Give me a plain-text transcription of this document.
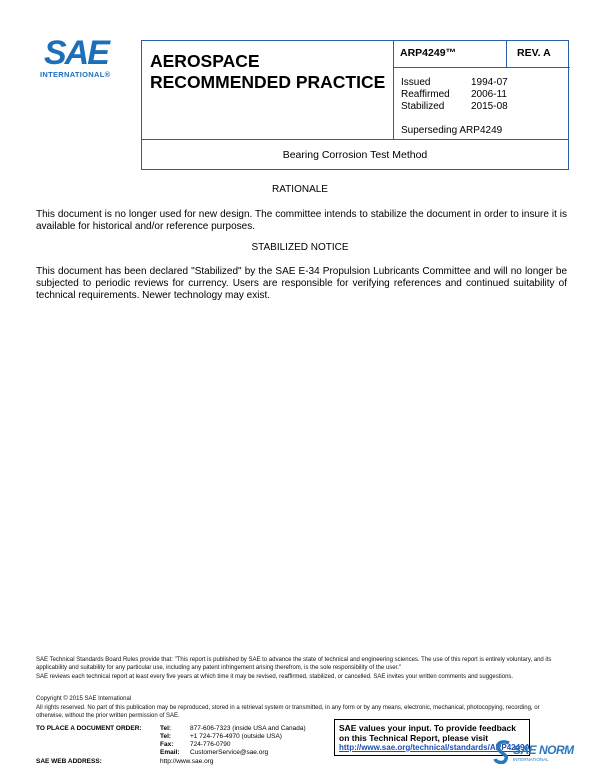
SAE
INTERNATIONAL®
AEROSPACE
RECOMMENDED PRACTICE
ARP4249™	REV. A
Issued	1994-07
Reaffirmed	2006-11
Stabilized	2015-08
Superseding ARP4249
Bearing Corrosion Test Method
RATIONALE
This document is no longer used for new design. The committee intends to stabilize the document in order to insure it is available for historical and/or reference purposes.
STABILIZED NOTICE
This document has been declared "Stabilized" by the SAE E-34 Propulsion Lubricants Committee and will no longer be subjected to periodic reviews for currency. Users are responsible for verifying references and continued suitability of technical requirements. Newer technology may exist.
SAE Technical Standards Board Rules provide that: "This report is published by SAE to advance the state of technical and engineering sciences. The use of this report is entirely voluntary, and its applicability and suitability for any particular use, including any patent infringement arising therefrom, is the sole responsibility of the user."
SAE reviews each technical report at least every five years at which time it may be revised, reaffirmed, stabilized, or cancelled. SAE invites your written comments and suggestions.
Copyright © 2015 SAE International
All rights reserved. No part of this publication may be reproduced, stored in a retrieval system or transmitted, in any form or by any means, electronic, mechanical, photocopying, recording, or otherwise, without the prior written permission of SAE.
TO PLACE A DOCUMENT ORDER:	Tel:	877-606-7323 (inside USA and Canada)
Tel:	+1 724-776-4970 (outside USA)
Fax:	724-776-0790
Email:	CustomerService@sae.org
SAE WEB ADDRESS:	http://www.sae.org
SAE values your input. To provide feedback
on this Technical Report, please visit
http://www.sae.org/technical/standards/ARP4249A
SAE NORM
INTERNATIONAL
